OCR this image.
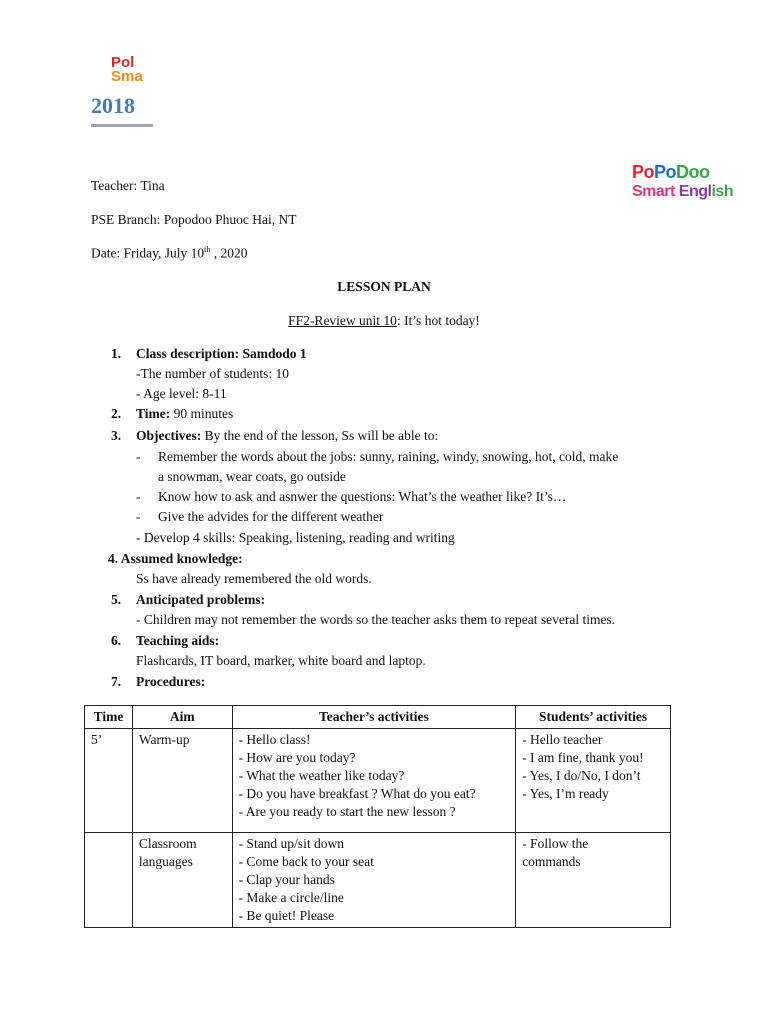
Pol
Sma
2018
PoPoDoo
Smart English
Teacher: Tina
PSE Branch: Popodoo Phuoc Hai, NT
Date: Friday, July 10th , 2020
LESSON PLAN
FF2-Review unit 10: It’s hot today!
1. Class description: Samdodo 1
-The number of students: 10
- Age level: 8-11
2. Time: 90 minutes
3. Objectives: By the end of the lesson, Ss will be able to:
- Remember the words about the jobs: sunny, raining, windy, snowing, hot, cold, make
a snowman, wear coats, go outside
- Know how to ask and asnwer the questions: What’s the weather like? It’s…
- Give the advides for the different weather
- Develop 4 skills: Speaking, listening, reading and writing
4. Assumed knowledge:
Ss have already remembered the old words.
5. Anticipated problems:
- Children may not remember the words so the teacher asks them to repeat several times.
6. Teaching aids:
Flashcards, IT board, marker, white board and laptop.
7. Procedures:
Time	Aim	Teacher’s activities	Students’ activities
5’	Warm-up	- Hello class!
- How are you today?
- What the weather like today?
- Do you have breakfast ? What do you eat?
- Are you ready to start the new lesson ?	- Hello teacher
- I am fine, thank you!
- Yes, I do/No, I don’t
- Yes, I’m ready

	Classroom
languages	- Stand up/sit down
- Come back to your seat
- Clap your hands
- Make a circle/line
- Be quiet! Please	- Follow the
commands
